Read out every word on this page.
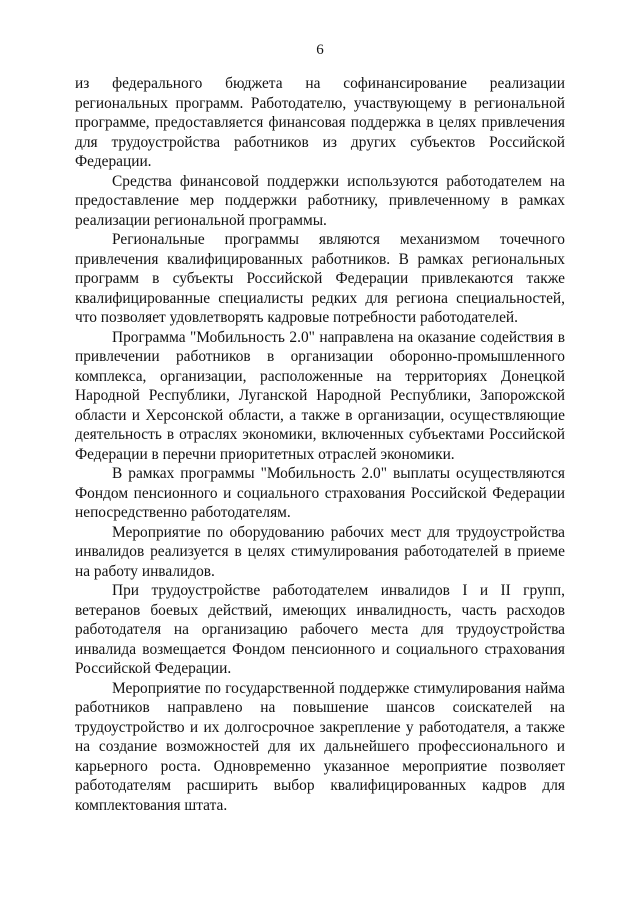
6

из федерального бюджета на софинансирование реализации региональных программ. Работодателю, участвующему в региональной программе, предоставляется финансовая поддержка в целях привлечения для трудоустройства работников из других субъектов Российской Федерации.

Средства финансовой поддержки используются работодателем на предоставление мер поддержки работнику, привлеченному в рамках реализации региональной программы.

Региональные программы являются механизмом точечного привлечения квалифицированных работников. В рамках региональных программ в субъекты Российской Федерации привлекаются также квалифицированные специалисты редких для региона специальностей, что позволяет удовлетворять кадровые потребности работодателей.

Программа "Мобильность 2.0" направлена на оказание содействия в привлечении работников в организации оборонно-промышленного комплекса, организации, расположенные на территориях Донецкой Народной Республики, Луганской Народной Республики, Запорожской области и Херсонской области, а также в организации, осуществляющие деятельность в отраслях экономики, включенных субъектами Российской Федерации в перечни приоритетных отраслей экономики.

В рамках программы "Мобильность 2.0" выплаты осуществляются Фондом пенсионного и социального страхования Российской Федерации непосредственно работодателям.

Мероприятие по оборудованию рабочих мест для трудоустройства инвалидов реализуется в целях стимулирования работодателей в приеме на работу инвалидов.

При трудоустройстве работодателем инвалидов I и II групп, ветеранов боевых действий, имеющих инвалидность, часть расходов работодателя на организацию рабочего места для трудоустройства инвалида возмещается Фондом пенсионного и социального страхования Российской Федерации.

Мероприятие по государственной поддержке стимулирования найма работников направлено на повышение шансов соискателей на трудоустройство и их долгосрочное закрепление у работодателя, а также на создание возможностей для их дальнейшего профессионального и карьерного роста. Одновременно указанное мероприятие позволяет работодателям расширить выбор квалифицированных кадров для комплектования штата.
